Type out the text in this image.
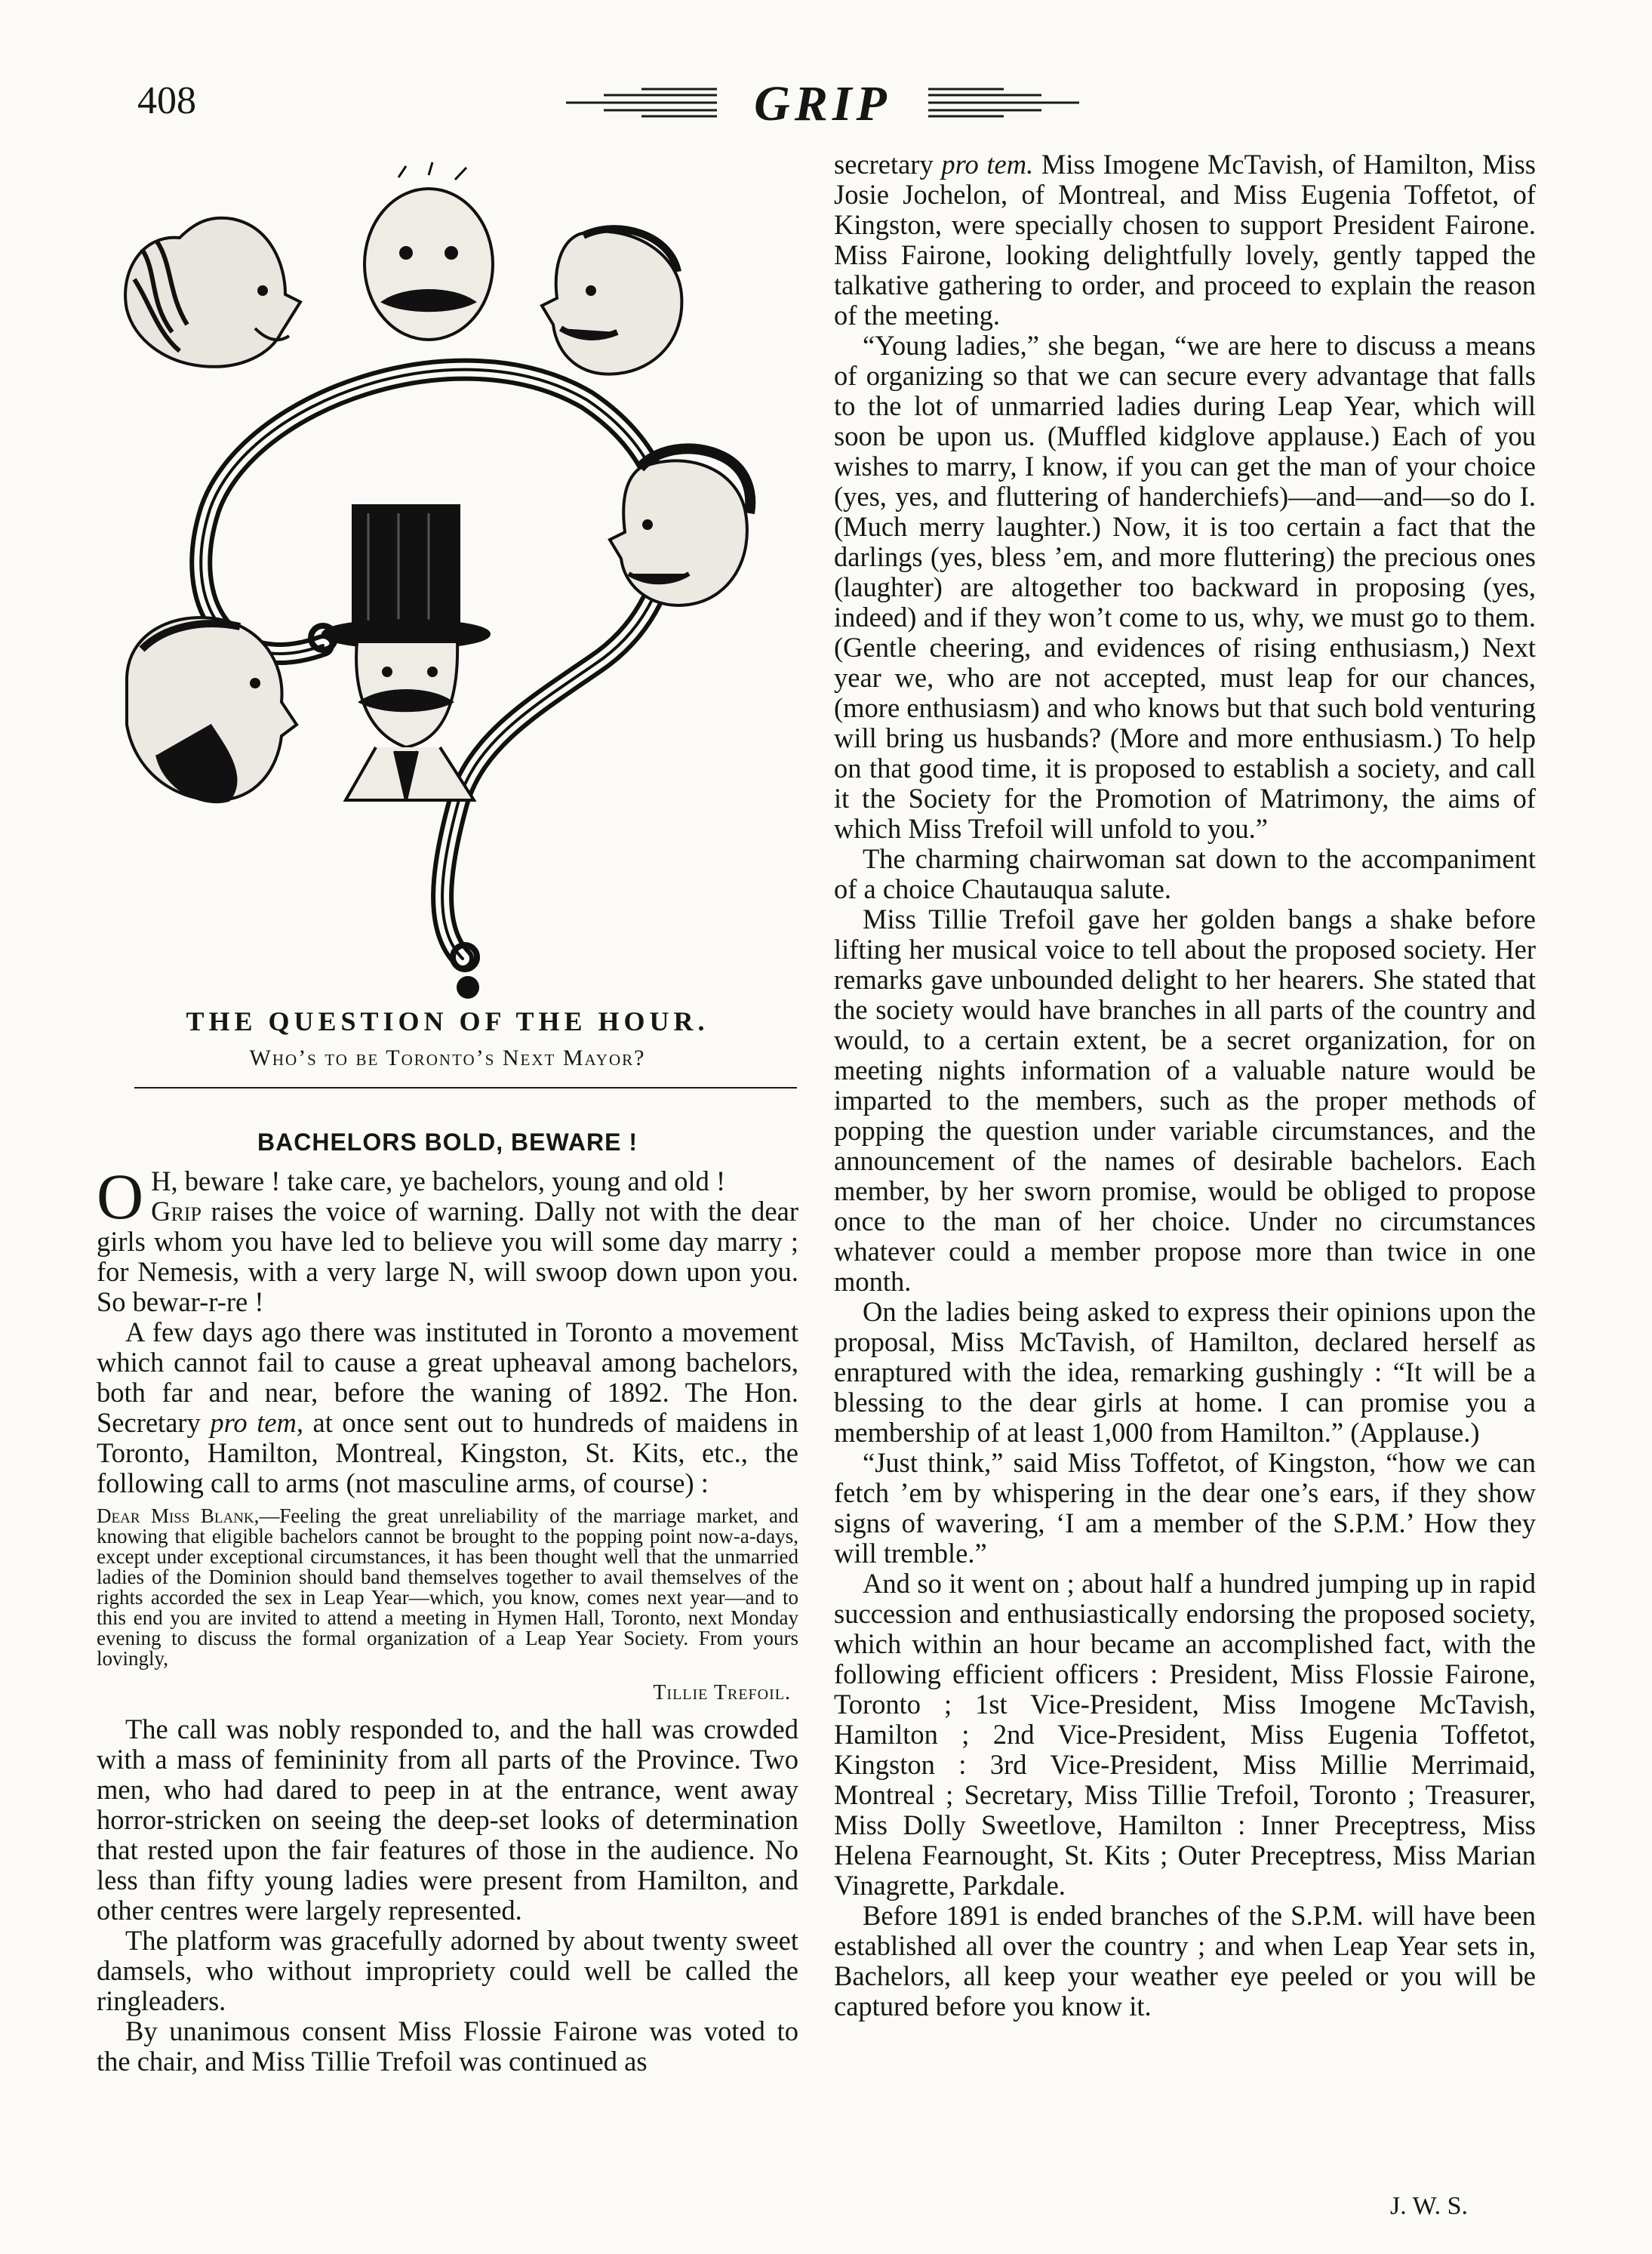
408	GRIP
THE QUESTION OF THE HOUR.
Who’s to be Toronto’s Next Mayor?
BACHELORS BOLD, BEWARE !

O H, beware ! take care, ye bachelors, young and old !
Grip raises the voice of warning. Dally not with the dear girls whom you have led to believe you will some day marry ; for Nemesis, with a very large N, will swoop down upon you. So bewar-r-re !

A few days ago there was instituted in Toronto a movement which cannot fail to cause a great upheaval among bachelors, both far and near, before the waning of 1892. The Hon. Secretary pro tem, at once sent out to hundreds of maidens in Toronto, Hamilton, Montreal, Kingston, St. Kits, etc., the following call to arms (not masculine arms, of course) :

Dear Miss Blank,—Feeling the great unreliability of the marriage market, and knowing that eligible bachelors cannot be brought to the popping point now-a-days, except under exceptional circumstances, it has been thought well that the unmarried ladies of the Dominion should band themselves together to avail themselves of the rights accorded the sex in Leap Year—which, you know, comes next year—and to this end you are invited to attend a meeting in Hymen Hall, Toronto, next Monday evening to discuss the formal organization of a Leap Year Society. From yours lovingly,
Tillie Trefoil.

The call was nobly responded to, and the hall was crowded with a mass of femininity from all parts of the Province. Two men, who had dared to peep in at the entrance, went away horror-stricken on seeing the deep-set looks of determination that rested upon the fair features of those in the audience. No less than fifty young ladies were present from Hamilton, and other centres were largely represented.

The platform was gracefully adorned by about twenty sweet damsels, who without impropriety could well be called the ringleaders.

By unanimous consent Miss Flossie Fairone was voted to the chair, and Miss Tillie Trefoil was continued as

secretary pro tem. Miss Imogene McTavish, of Hamilton, Miss Josie Jochelon, of Montreal, and Miss Eugenia Toffetot, of Kingston, were specially chosen to support President Fairone. Miss Fairone, looking delightfully lovely, gently tapped the talkative gathering to order, and proceed to explain the reason of the meeting.

“Young ladies,” she began, “we are here to discuss a means of organizing so that we can secure every advantage that falls to the lot of unmarried ladies during Leap Year, which will soon be upon us. (Muffled kidglove applause.) Each of you wishes to marry, I know, if you can get the man of your choice (yes, yes, and fluttering of handerchiefs)—and—and—so do I. (Much merry laughter.) Now, it is too certain a fact that the darlings (yes, bless ’em, and more fluttering) the precious ones (laughter) are altogether too backward in proposing (yes, indeed) and if they won’t come to us, why, we must go to them. (Gentle cheering, and evidences of rising enthusiasm,) Next year we, who are not accepted, must leap for our chances, (more enthusiasm) and who knows but that such bold venturing will bring us husbands? (More and more enthusiasm.) To help on that good time, it is proposed to establish a society, and call it the Society for the Promotion of Matrimony, the aims of which Miss Trefoil will unfold to you.”

The charming chairwoman sat down to the accompaniment of a choice Chautauqua salute.

Miss Tillie Trefoil gave her golden bangs a shake before lifting her musical voice to tell about the proposed society. Her remarks gave unbounded delight to her hearers. She stated that the society would have branches in all parts of the country and would, to a certain extent, be a secret organization, for on meeting nights information of a valuable nature would be imparted to the members, such as the proper methods of popping the question under variable circumstances, and the announcement of the names of desirable bachelors. Each member, by her sworn promise, would be obliged to propose once to the man of her choice. Under no circumstances whatever could a member propose more than twice in one month.

On the ladies being asked to express their opinions upon the proposal, Miss McTavish, of Hamilton, declared herself as enraptured with the idea, remarking gushingly : “It will be a blessing to the dear girls at home. I can promise you a membership of at least 1,000 from Hamilton.” (Applause.)

“Just think,” said Miss Toffetot, of Kingston, “how we can fetch ’em by whispering in the dear one’s ears, if they show signs of wavering, ‘I am a member of the S.P.M.’ How they will tremble.”

And so it went on ; about half a hundred jumping up in rapid succession and enthusiastically endorsing the proposed society, which within an hour became an accomplished fact, with the following efficient officers : President, Miss Flossie Fairone, Toronto ; 1st Vice-President, Miss Imogene McTavish, Hamilton ; 2nd Vice-President, Miss Eugenia Toffetot, Kingston : 3rd Vice-President, Miss Millie Merrimaid, Montreal ; Secretary, Miss Tillie Trefoil, Toronto ; Treasurer, Miss Dolly Sweetlove, Hamilton : Inner Preceptress, Miss Helena Fearnought, St. Kits ; Outer Preceptress, Miss Marian Vinagrette, Parkdale.

Before 1891 is ended branches of the S.P.M. will have been established all over the country ; and when Leap Year sets in, Bachelors, all keep your weather eye peeled or you will be captured before you know it.

J. W. S.
